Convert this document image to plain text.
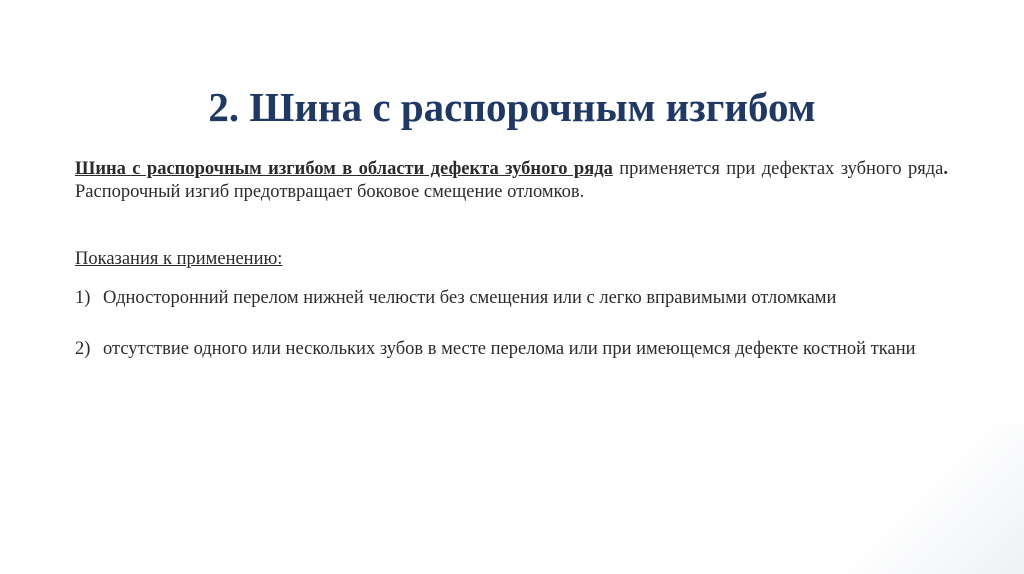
2. Шина с распорочным изгибом

Шина с распорочным изгибом в области дефекта зубного ряда применяется при дефектах зубного ряда. Распорочный изгиб предотвращает боковое смещение отломков.

Показания к применению:

1) Односторонний перелом нижней челюсти без смещения или с легко вправимыми отломками
2) отсутствие одного или нескольких зубов в месте перелома или при имеющемся дефекте костной ткани
